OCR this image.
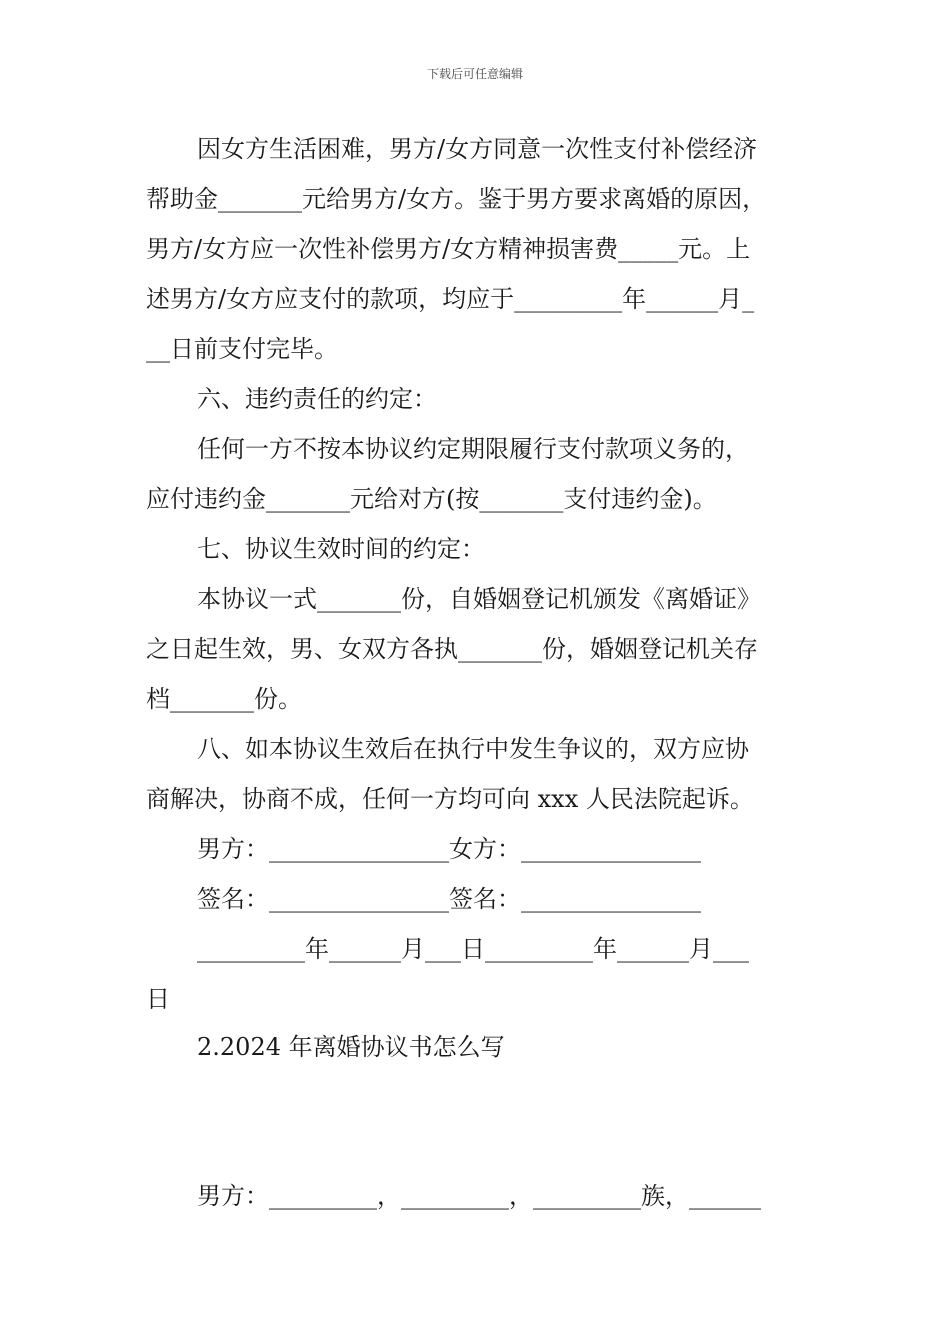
下载后可任意编辑
因女方生活困难，男方/女方同意一次性支付补偿经济
帮助金_______元给男方/女方。鉴于男方要求离婚的原因，
男方/女方应一次性补偿男方/女方精神损害费_____元。上
述男方/女方应支付的款项，均应于_________年______月_
__日前支付完毕。
六、违约责任的约定：
任何一方不按本协议约定期限履行支付款项义务的，
应付违约金_______元给对方(按_______支付违约金)。
七、协议生效时间的约定：
本协议一式_______份，自婚姻登记机颁发《离婚证》
之日起生效，男、女双方各执_______份，婚姻登记机关存
档_______份。
八、如本协议生效后在执行中发生争议的，双方应协
商解决，协商不成，任何一方均可向 xxx 人民法院起诉。
男方：_______________女方：_______________
签名：_______________签名：_______________
_________年______月___日_________年______月___
日
2.2024 年离婚协议书怎么写
男方：_________，_________，_________族，______
